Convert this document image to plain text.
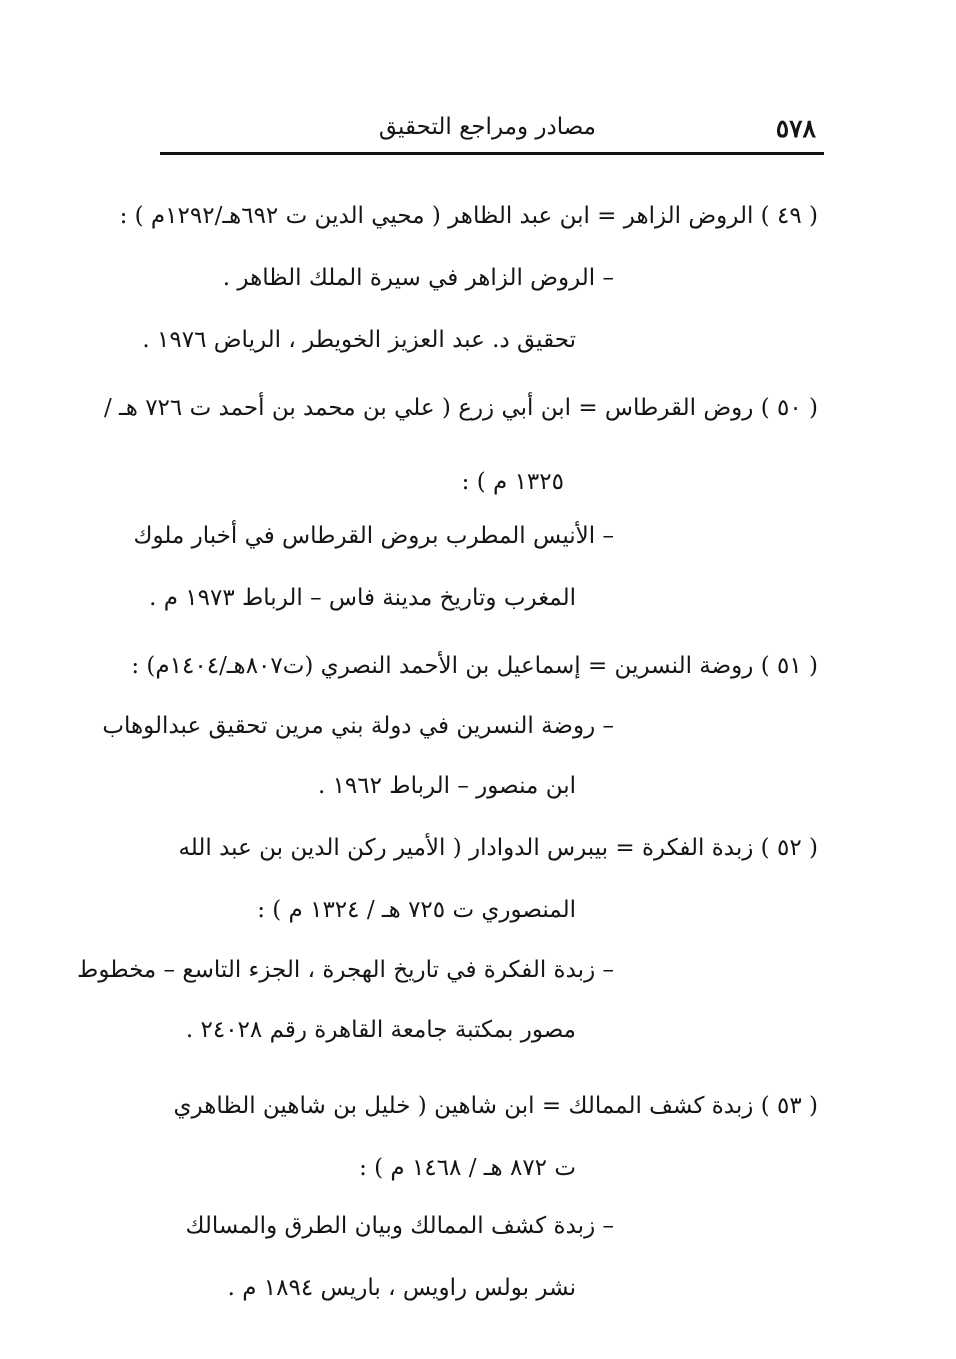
٥٧٨
مصادر ومراجع التحقيق
( ٤٩ ) الروض الزاهر = ابن عبد الظاهر ( محيي الدين ت ٦٩٢هـ/١٢٩٢م ) :
– الروض الزاهر في سيرة الملك الظاهر .
تحقيق د. عبد العزيز الخويطر ، الرياض ١٩٧٦ .
( ٥٠ ) روض القرطاس = ابن أبي زرع ( علي بن محمد بن أحمد ت ٧٢٦ هـ /
١٣٢٥ م ) :
– الأنيس المطرب بروض القرطاس في أخبار ملوك
المغرب وتاريخ مدينة فاس – الرباط ١٩٧٣ م .
( ٥١ ) روضة النسرين = إسماعيل بن الأحمد النصري (ت٨٠٧هـ/١٤٠٤م) :
– روضة النسرين في دولة بني مرين تحقيق عبدالوهاب
ابن منصور – الرباط ١٩٦٢ .
( ٥٢ ) زبدة الفكرة = بيبرس الدوادار ( الأمير ركن الدين بن عبد الله
المنصوري ت ٧٢٥ هـ / ١٣٢٤ م ) :
– زبدة الفكرة في تاريخ الهجرة ، الجزء التاسع – مخطوط
مصور بمكتبة جامعة القاهرة رقم ٢٤٠٢٨ .
( ٥٣ ) زبدة كشف الممالك = ابن شاهين ( خليل بن شاهين الظاهري
ت ٨٧٢ هـ / ١٤٦٨ م ) :
– زبدة كشف الممالك وبيان الطرق والمسالك
نشر بولس راويس ، باريس ١٨٩٤ م .
